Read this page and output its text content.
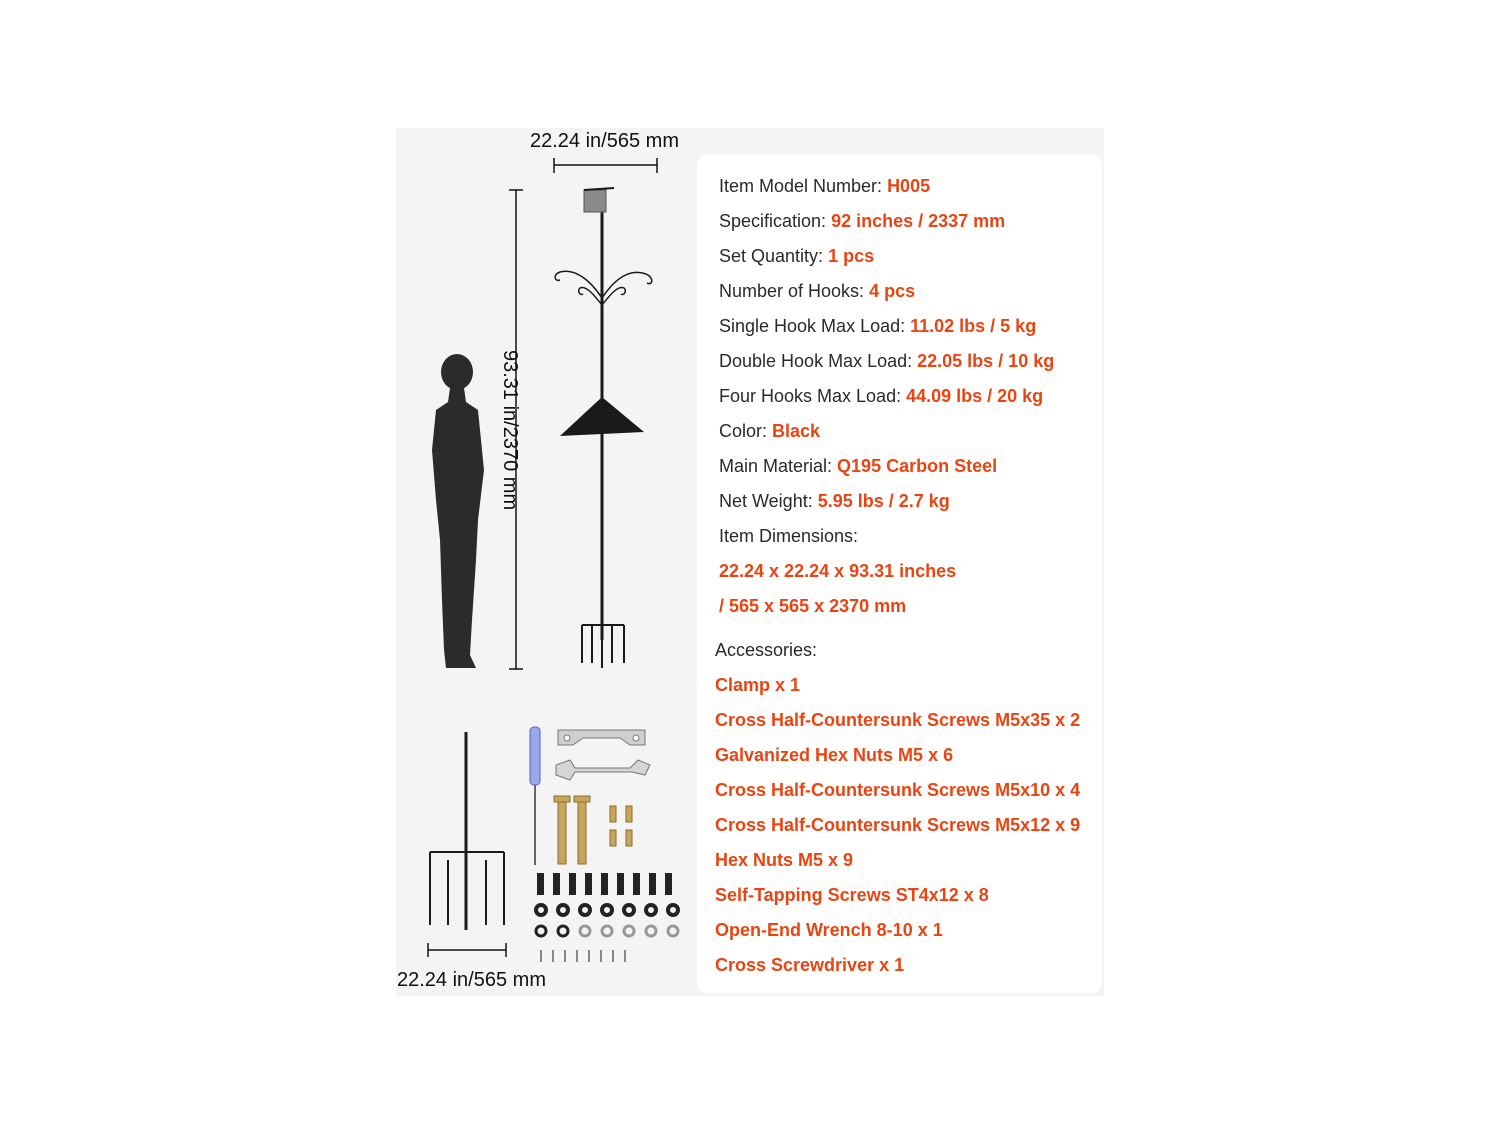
22.24 in/565 mm
93.31 in/2370 mm
22.24 in/565 mm
Item Model Number: H005
Specification: 92 inches / 2337 mm
Set Quantity: 1 pcs
Number of Hooks: 4 pcs
Single Hook Max Load: 11.02 lbs / 5 kg
Double Hook Max Load: 22.05 lbs / 10 kg
Four Hooks Max Load: 44.09 lbs / 20 kg
Color: Black
Main Material: Q195 Carbon Steel
Net Weight: 5.95 lbs / 2.7 kg
Item Dimensions:
22.24 x 22.24 x 93.31 inches
/ 565 x 565 x 2370 mm
Accessories:
Clamp x 1
Cross Half-Countersunk Screws M5x35 x 2
Galvanized Hex Nuts M5 x 6
Cross Half-Countersunk Screws M5x10 x 4
Cross Half-Countersunk Screws M5x12 x 9
Hex Nuts M5 x 9
Self-Tapping Screws ST4x12 x 8
Open-End Wrench 8-10 x 1
Cross Screwdriver x 1
